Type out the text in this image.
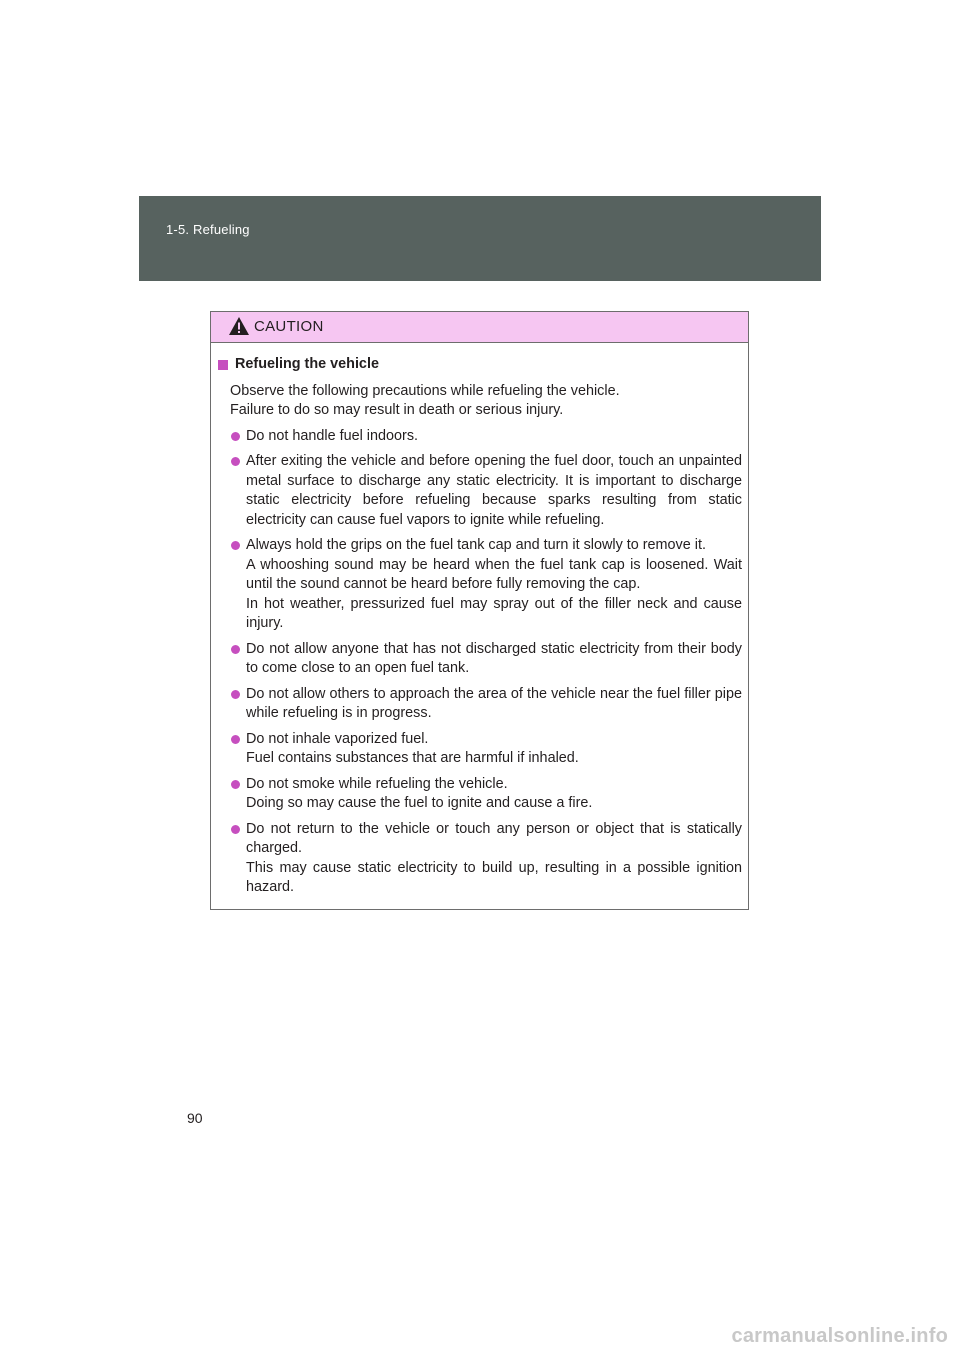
1-5. Refueling
CAUTION
Refueling the vehicle
Observe the following precautions while refueling the vehicle.
Failure to do so may result in death or serious injury.
Do not handle fuel indoors.
After exiting the vehicle and before opening the fuel door, touch an unpainted metal surface to discharge any static electricity. It is important to discharge static electricity before refueling because sparks resulting from static electricity can cause fuel vapors to ignite while refueling.
Always hold the grips on the fuel tank cap and turn it slowly to remove it.
A whooshing sound may be heard when the fuel tank cap is loosened. Wait until the sound cannot be heard before fully removing the cap.
In hot weather, pressurized fuel may spray out of the filler neck and cause injury.
Do not allow anyone that has not discharged static electricity from their body to come close to an open fuel tank.
Do not allow others to approach the area of the vehicle near the fuel filler pipe while refueling is in progress.
Do not inhale vaporized fuel.
Fuel contains substances that are harmful if inhaled.
Do not smoke while refueling the vehicle.
Doing so may cause the fuel to ignite and cause a fire.
Do not return to the vehicle or touch any person or object that is statically charged.
This may cause static electricity to build up, resulting in a possible ignition hazard.
90
carmanualsonline.info
